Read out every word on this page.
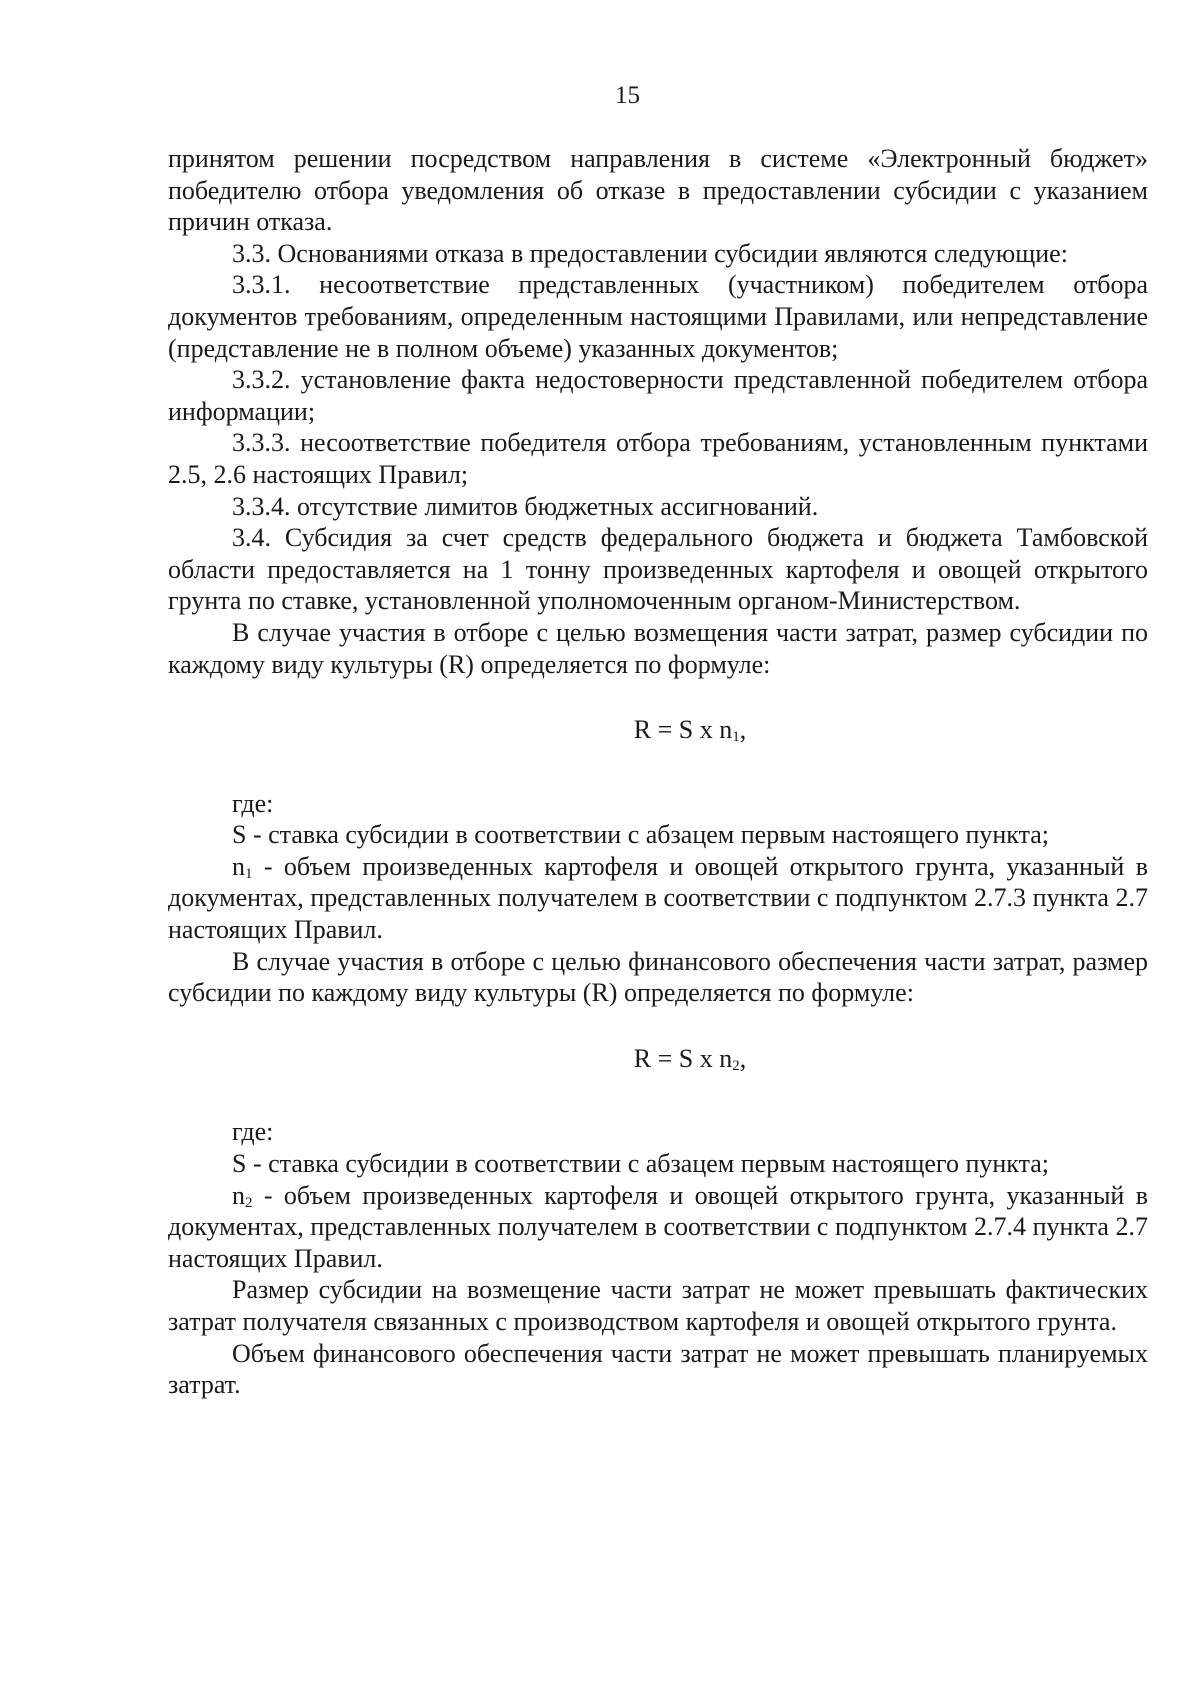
15

принятом решении посредством направления в системе «Электронный бюджет» победителю отбора уведомления об отказе в предоставлении субсидии с указанием причин отказа.

3.3. Основаниями отказа в предоставлении субсидии являются следующие:

3.3.1. несоответствие представленных (участником) победителем отбора документов требованиям, определенным настоящими Правилами, или непредставление (представление не в полном объеме) указанных документов;

3.3.2. установление факта недостоверности представленной победителем отбора информации;

3.3.3. несоответствие победителя отбора требованиям, установленным пунктами 2.5, 2.6 настоящих Правил;

3.3.4. отсутствие лимитов бюджетных ассигнований.

3.4. Субсидия за счет средств федерального бюджета и бюджета Тамбовской области предоставляется на 1 тонну произведенных картофеля и овощей открытого грунта по ставке, установленной уполномоченным органом-Министерством.

В случае участия в отборе с целью возмещения части затрат, размер субсидии по каждому виду культуры (R) определяется по формуле:

R = S x $n_1$,

где:

S - ставка субсидии в соответствии с абзацем первым настоящего пункта;

n1 - объем произведенных картофеля и овощей открытого грунта, указанный в документах, представленных получателем в соответствии с подпунктом 2.7.3 пункта 2.7 настоящих Правил.

В случае участия в отборе с целью финансового обеспечения части затрат, размер субсидии по каждому виду культуры (R) определяется по формуле:

R = S x $n_2$,

где:

S - ставка субсидии в соответствии с абзацем первым настоящего пункта;

n2 - объем произведенных картофеля и овощей открытого грунта, указанный в документах, представленных получателем в соответствии с подпунктом 2.7.4 пункта 2.7 настоящих Правил.

Размер субсидии на возмещение части затрат не может превышать фактических затрат получателя связанных с производством картофеля и овощей открытого грунта.

Объем финансового обеспечения части затрат не может превышать планируемых затрат.
